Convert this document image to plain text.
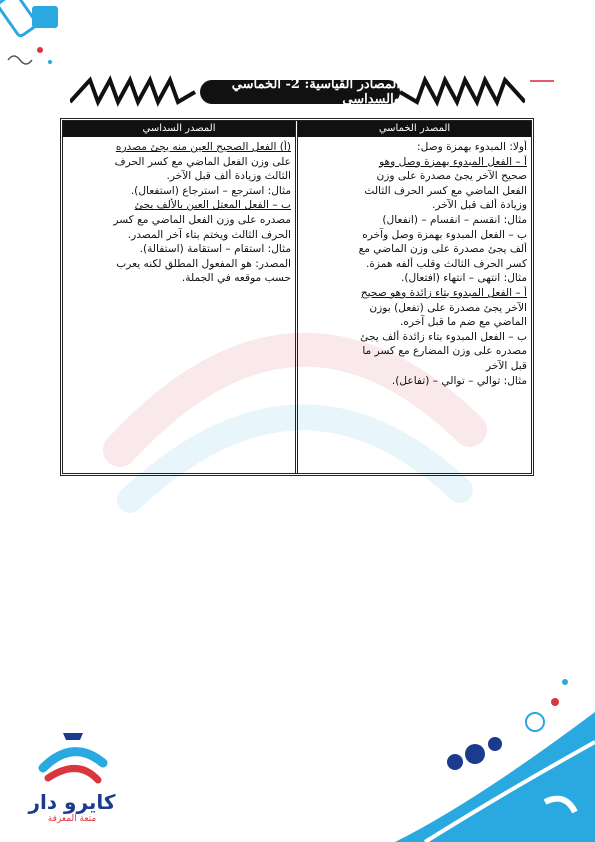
المصادر القياسية: 2- الخماسي والسداسي
المصدر الخماسي
أولا: المبدوء بهمزة وصل:
أ – الفعل المبدوء بهمزة وصل وهو
صحيح الآخر يجئ مصدرة على وزن
الفعل الماضي مع كسر الحرف الثالث
وزيادة ألف قبل الآخر.
مثال: انقسم – انقسام – (انفعال)
ب – الفعل المبدوء بهمزة وصل وآخره
ألف يجئ مصدرة على وزن الماضي مع
كسر الحرف الثالث وقلب ألفه همزة.
مثال: انتهى – انتهاء (افتعال).
أ – الفعل المبدوء بتاء زائدة وهو صحيح
الآخر يجئ مصدرة على (تفعل) بوزن
الماضي مع ضم ما قبل آخره.
ب – الفعل المبدوء بتاء زائدة ألف يجئ
مصدره على وزن المضارع مع كسر ما
قبل الآخر
مثال: توالي – توالي – (تفاعل).
المصدر السداسي
(أ) الفعل الصحيح العين منه يجئ مصدره
على وزن الفعل الماضي مع كسر الحرف
الثالث وزيادة ألف قبل الآخر.
مثال: استرجع – استرجاع (استفعال).
ب – الفعل المعتل العين بالألف يجئ
مصدره على وزن الفعل الماضي مع كسر
الحرف الثالث ويختم بتاء آخر المصدر.
مثال: استقام – استقامة (استفالة).
المصدر: هو المفعول المطلق لكنه يعرب
حسب موقعه في الجملة.
كايرو دار
متعة المعرفة
